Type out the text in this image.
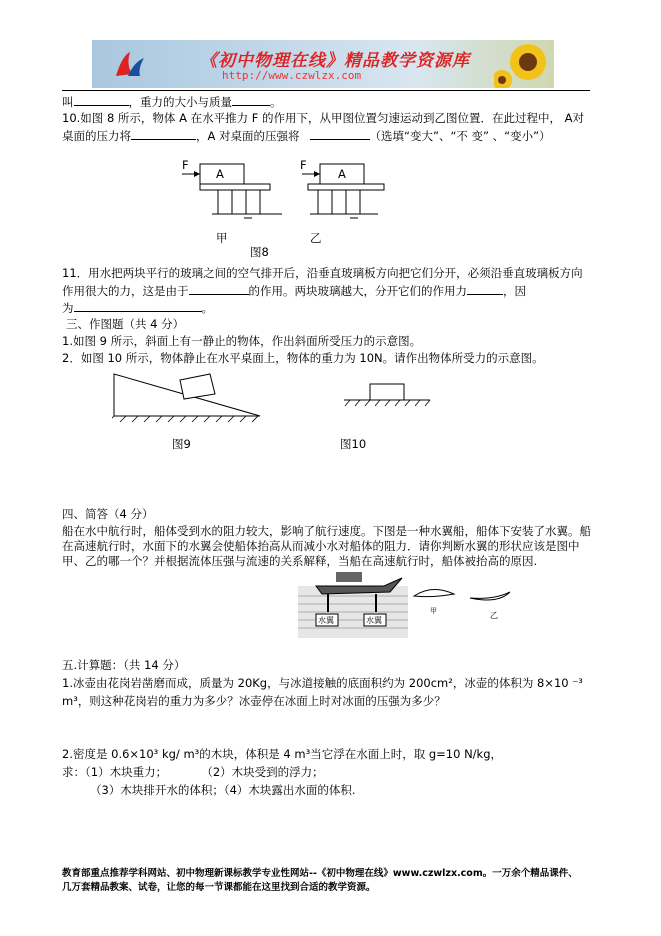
《初中物理在线》精品教学资源库
http://www.czwlzx.com
叫	，重力的大小与质量	。
10.如图 8 所示，物体 A 在水平推力 F 的作用下，从甲图位置匀速运动到乙图位置．在此过程中， A对
桌面的压力将	，A 对桌面的压强将	（选填“变大”、“不 变” 、“变小”）
F
A
F
A
甲	乙
图8
11．用水把两块平行的玻璃之间的空气排开后，沿垂直玻璃板方向把它们分开，必须沿垂直玻璃板方向
作用很大的力，这是由于	的作用。两块玻璃越大，分开它们的作用力	，因
为	。
三、作图题（共 4 分）
1.如图 9 所示，斜面上有一静止的物体，作出斜面所受压力的示意图。
2．如图 10 所示，物体静止在水平桌面上，物体的重力为 10N。请作出物体所受力的示意图。
图9	图10
四、简答（4 分）
船在水中航行时，船体受到水的阻力较大，影响了航行速度。下图是一种水翼船，船体下安装了水翼。船
在高速航行时，水面下的水翼会使船体抬高从而减小水对船体的阻力．请你判断水翼的形状应该是图中
甲、乙的哪一个？并根据流体压强与流速的关系解释，当船在高速航行时，船体被抬高的原因.
水翼	水翼
甲	乙
五.计算题：（共 14 分）
1.冰壶由花岗岩凿磨而成，质量为 20Kg，与冰道接触的底面积约为 200cm²，冰壶的体积为 8×10 ⁻³
m³，则这种花岗岩的重力为多少？冰壶停在冰面上时对冰面的压强为多少？
2.密度是 0.6×10³ kg/ m³的木块，体积是 4 m³当它浮在水面上时，取 g=10 N/kg，
求：（1）木块重力；	（2）木块受到的浮力；
（3）木块排开水的体积；（4）木块露出水面的体积.
教育部重点推荐学科网站、初中物理新课标教学专业性网站--《初中物理在线》www.czwlzx.com。一万余个精品课件、
几万套精品教案、试卷，让您的每一节课都能在这里找到合适的教学资源。
